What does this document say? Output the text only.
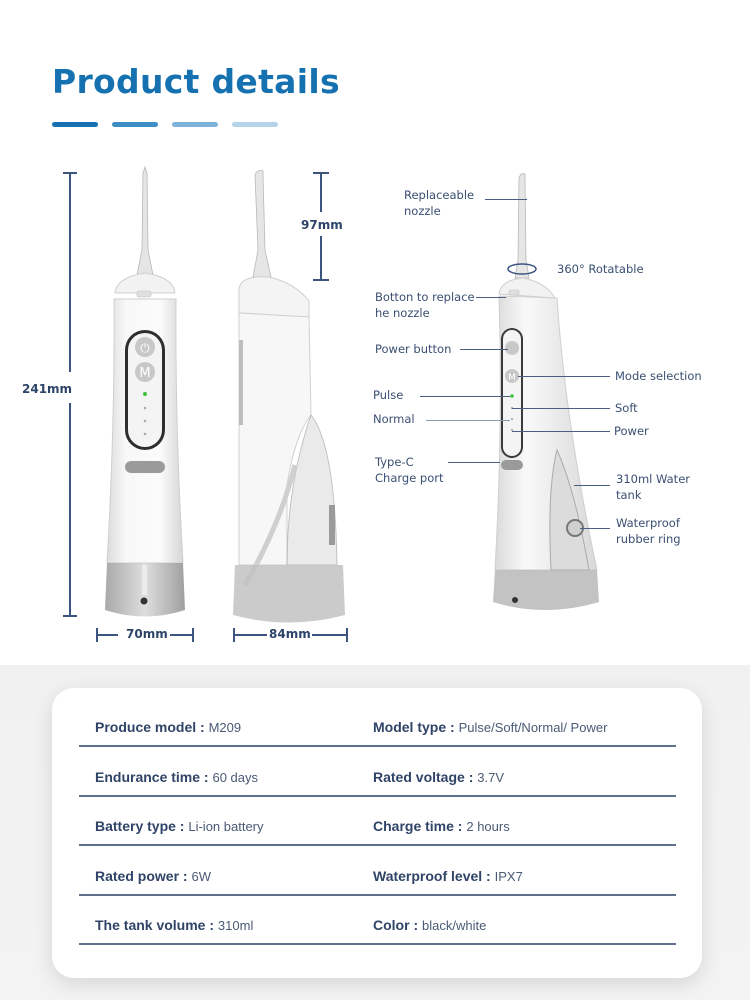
Product details
241mm
97mm
70mm	84mm
⏻
M	M
Replaceable
nozzle
360° Rotatable
Botton to replace
he nozzle
Power button
Mode selection
Pulse
Soft
Normal
Power
Type-C
Charge port	310ml Water
tank
Waterproof
rubber ring
Produce model : M209	Model type : Pulse/Soft/Normal/ Power
Endurance time : 60 days	Rated voltage : 3.7V
Battery type : Li-ion battery	Charge time : 2 hours
Rated power : 6W	Waterproof level : IPX7
The tank volume : 310ml	Color : black/white
